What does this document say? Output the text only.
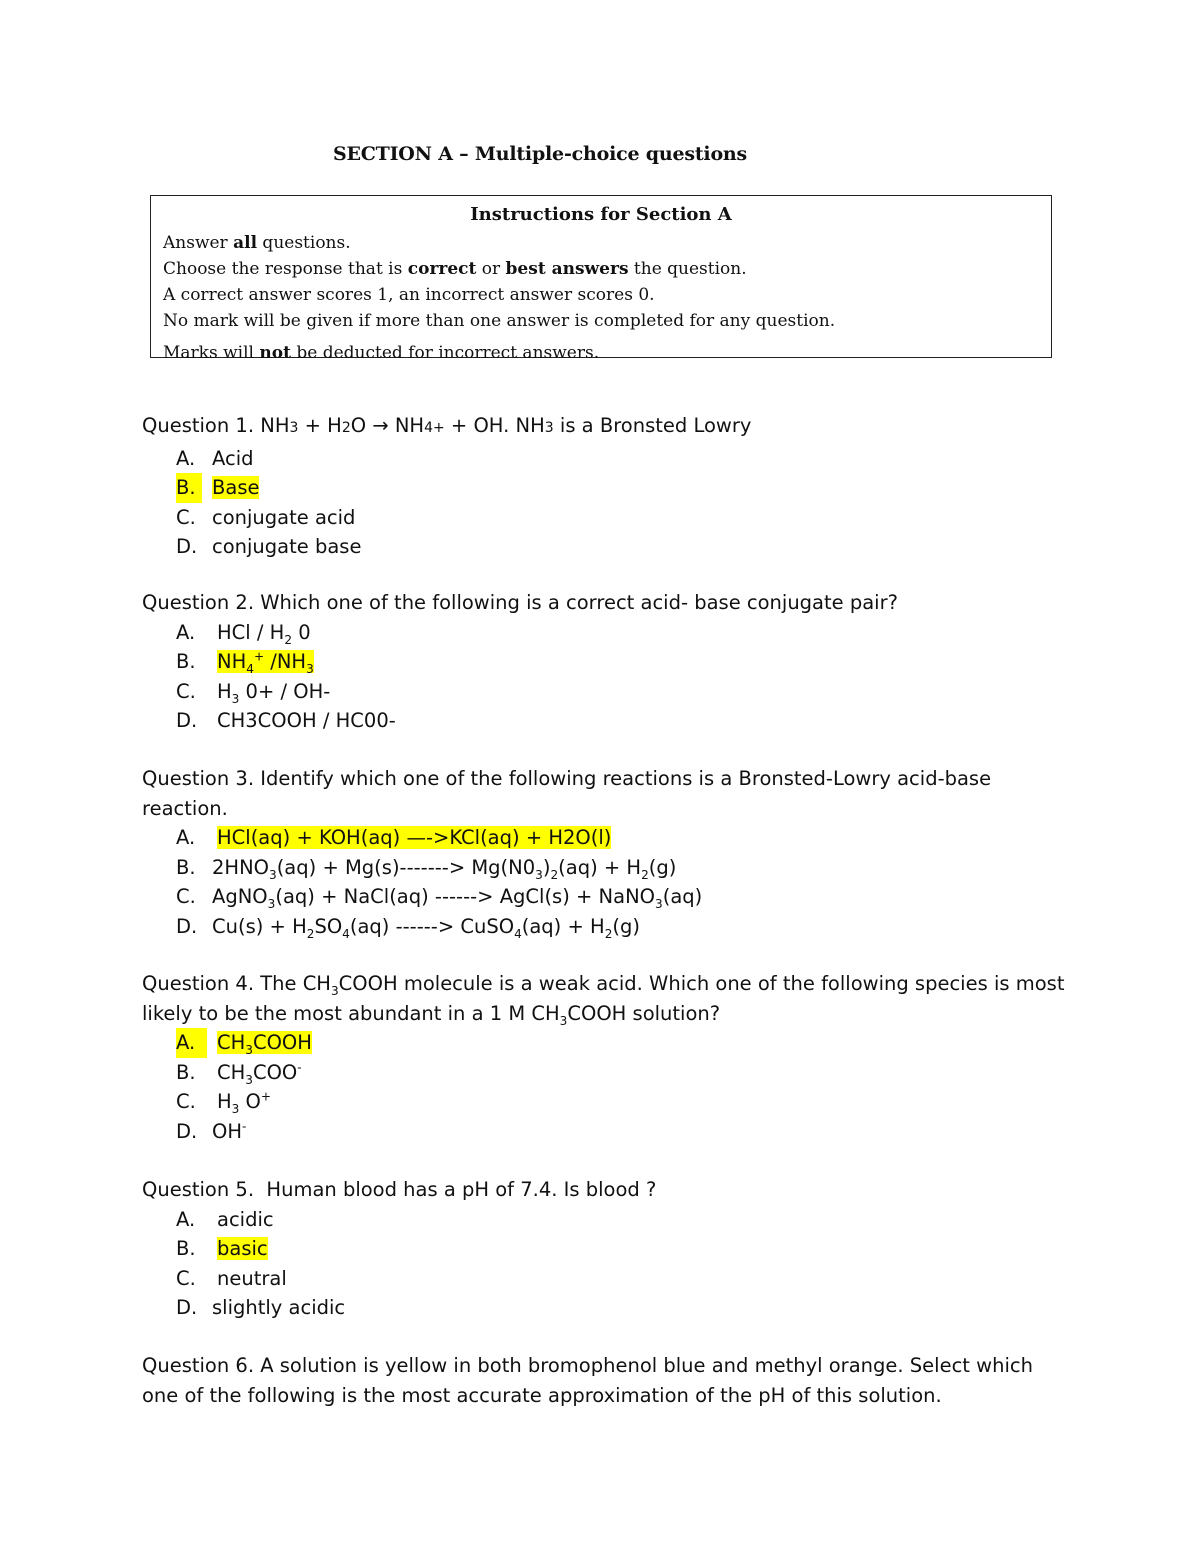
SECTION A – Multiple-choice questions
Instructions for Section A
Answer all questions.
Choose the response that is correct or best answers the question.
A correct answer scores 1, an incorrect answer scores 0.
No mark will be given if more than one answer is completed for any question.
Marks will not be deducted for incorrect answers.

Question 1. NH3 + H2O → NH4+ + OH. NH3 is a Bronsted Lowry

A. Acid
B. Base
C. conjugate acid
D. conjugate base

Question 2. Which one of the following is a correct acid- base conjugate pair?

A. HCl / $H_2$ 0
B. $NH_4^+$ $/NH_3$
C. $H_3$ 0+ / OH-
D. CH3COOH / HC00-

Question 3. Identify which one of the following reactions is a Bronsted-Lowry acid-base reaction.

A. HCl(aq) + KOH(aq) —->KCl(aq) + H2O(l)
B. $2HNO_3(aq) + Mg(s)-------> Mg(N0_3)_2(aq) + H_2(g)$
C. AgNO$_3$(aq) + NaCl(aq) ------> AgCl(s) + NaNO$_3$(aq)
D. $Cu(s) + H_2SO_4(aq)$ ------> CuSO$_4$(aq) + $H_2(g)$

Question 4. The $CH_3COOH$ molecule is a weak acid. Which one of the following species is most likely to be the most abundant in a 1 M $CH_3COOH$ solution?

A.	$CH_3COOH$
B. $CH_3COO^-$
C. $H_3$ O+
D. OH-

Question 5.  Human blood has a pH of 7.4. Is blood ?

A. acidic
B. basic
C. neutral
D. slightly acidic

Question 6. A solution is yellow in both bromophenol blue and methyl orange. Select which one of the following is the most accurate approximation of the pH of this solution.
